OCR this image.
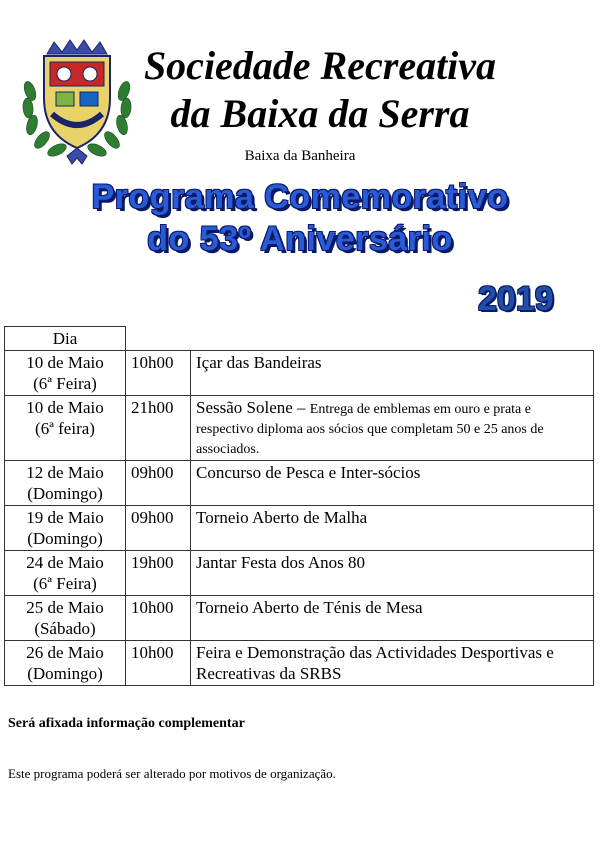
Sociedade Recreativa
da Baixa da Serra
Baixa da Banheira
Programa Comemorativo
do 53º Aniversário
2019
Dia		

10 de Maio
(6ª Feira)	10h00	Içar das Bandeiras

10 de Maio
(6ª feira)	21h00	Sessão Solene – Entrega de emblemas em ouro e prata e respectivo diploma aos sócios que completam 50 e 25 anos de associados.

12 de Maio
(Domingo)	09h00	Concurso de Pesca e Inter-sócios

19 de Maio
(Domingo)	09h00	Torneio Aberto de Malha

24 de Maio
(6ª Feira)	19h00	Jantar Festa dos Anos 80

25 de Maio
(Sábado)	10h00	Torneio Aberto de Ténis de Mesa

26 de Maio
(Domingo)	10h00	Feira e Demonstração das Actividades Desportivas e Recreativas da SRBS
Será afixada informação complementar
Este programa poderá ser alterado por motivos de organização.
